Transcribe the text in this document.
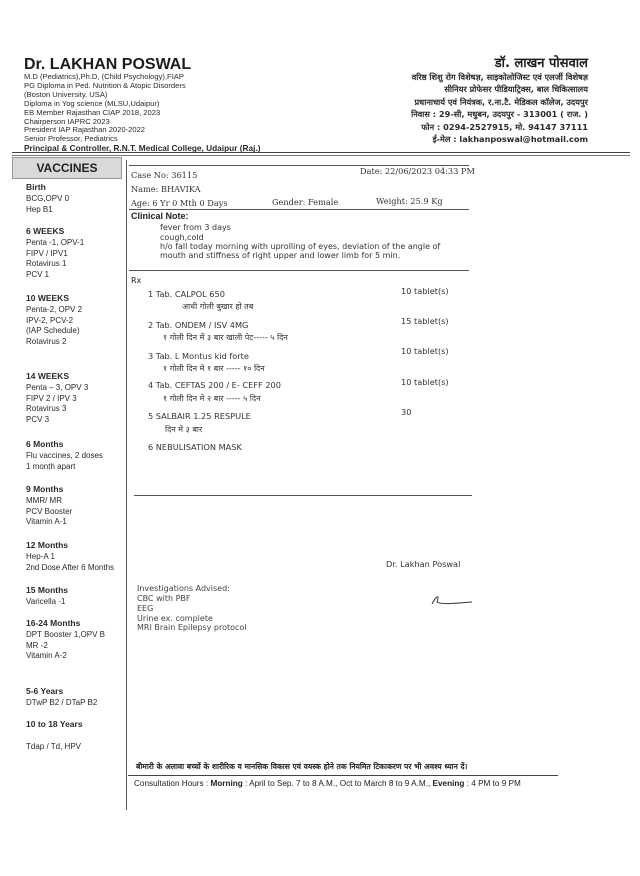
Dr. LAKHAN POSWAL
M.D (Pediatrics),Ph.D, (Child Psychology),FIAP
PG Diploma in Ped. Nutrition & Atopic Disorders
(Boston University, USA)
Diploma in Yog science (MLSU,Udaipur)
EB Member Rajasthan CIAP 2018, 2023
Chairperson IAPRC 2023
President IAP Rajasthan 2020-2022
Senior Professor, Pediatrics
Principal & Controller, R.N.T. Medical College, Udaipur (Raj.)
डॉ. लाखन पोसवाल
वरिष्ठ शिशु रोग विशेषज्ञ, साइकोलोजिस्ट एवं एलर्जी विशेषज्ञ
सीनियर प्रोफेसर पीडियाट्रिक्स, बाल चिकित्सालय
प्रधानाचार्य एवं नियंत्रक, र.ना.टै. मेडिकल कॉलेज, उदयपुर
निवास : 29-सी, मधुबन, उदयपुर - 313001 ( राज. )
फोन : 0294-2527915, मो. 94147 37111
ई-मेल : lakhanposwal@hotmail.com
VACCINES
Birth
BCG,OPV 0
Hep B1
6 WEEKS
Penta -1, OPV-1
FIPV / IPV1
Rotavirus 1
PCV 1
10 WEEKS
Penta-2, OPV 2
IPV-2, PCV-2
(IAP Schedule)
Rotavirus 2
14 WEEKS
Penta – 3, OPV 3
FIPV 2 / IPV 3
Rotavirus 3
PCV 3
6 Months
Flu vaccines, 2 doses
1 month apart
9 Months
MMR/ MR
PCV Booster
Vitamin A-1
12 Months
Hep-A 1
2nd Dose After 6 Months
15 Months
Varicella -1
16-24 Months
DPT Booster 1,OPV B
MR -2
Vitamin A-2
5-6 Years
DTwP B2 / DTaP B2
10 to 18 Years
Tdap / Td, HPV
Case No: 36115	Date: 22/06/2023 04:33 PM
Name: BHAVIKA
Age: 6 Yr 0 Mth 0 Days	Gender: Female	Weight: 25.9 Kg
Clinical Note:
fever from 3 days
cough,cold
h/o fall today morning with uprolling of eyes, deviation of the angle of
mouth and stiffness of right upper and lower limb for 5 min.
Rx
1 Tab. CALPOL 650
आधी गोली बुखार हो तब
10 tablet(s)
2 Tab. ONDEM / ISV 4MG
१ गोली दिन में ३ बार खाली पेट----- ५ दिन
15 tablet(s)
3 Tab. L Montus kid forte
१ गोली दिन मे १ बार ----- १० दिन
10 tablet(s)
4 Tab. CEFTAS 200 / E- CEFF 200
१ गोली दिन मे २ बार ----- ५ दिन
10 tablet(s)
5 SALBAIR 1.25 RESPULE
दिन मे ३ बार
30
6 NEBULISATION MASK
Dr. Lakhan Poswal
Investigations Advised:
CBC with PBF
EEG
Urine ex. complete
MRI Brain Epilepsy protocol
बीमारी के अलावा बच्चों के शारीरिक व मानसिक विकास एवं वयस्क होने तक नियमित टिकाकरण पर भी अवश्य ध्यान दें।
Consultation Hours : Morning : April to Sep. 7 to 8 A.M., Oct to March 8 to 9 A.M., Evening : 4 PM to 9 PM
